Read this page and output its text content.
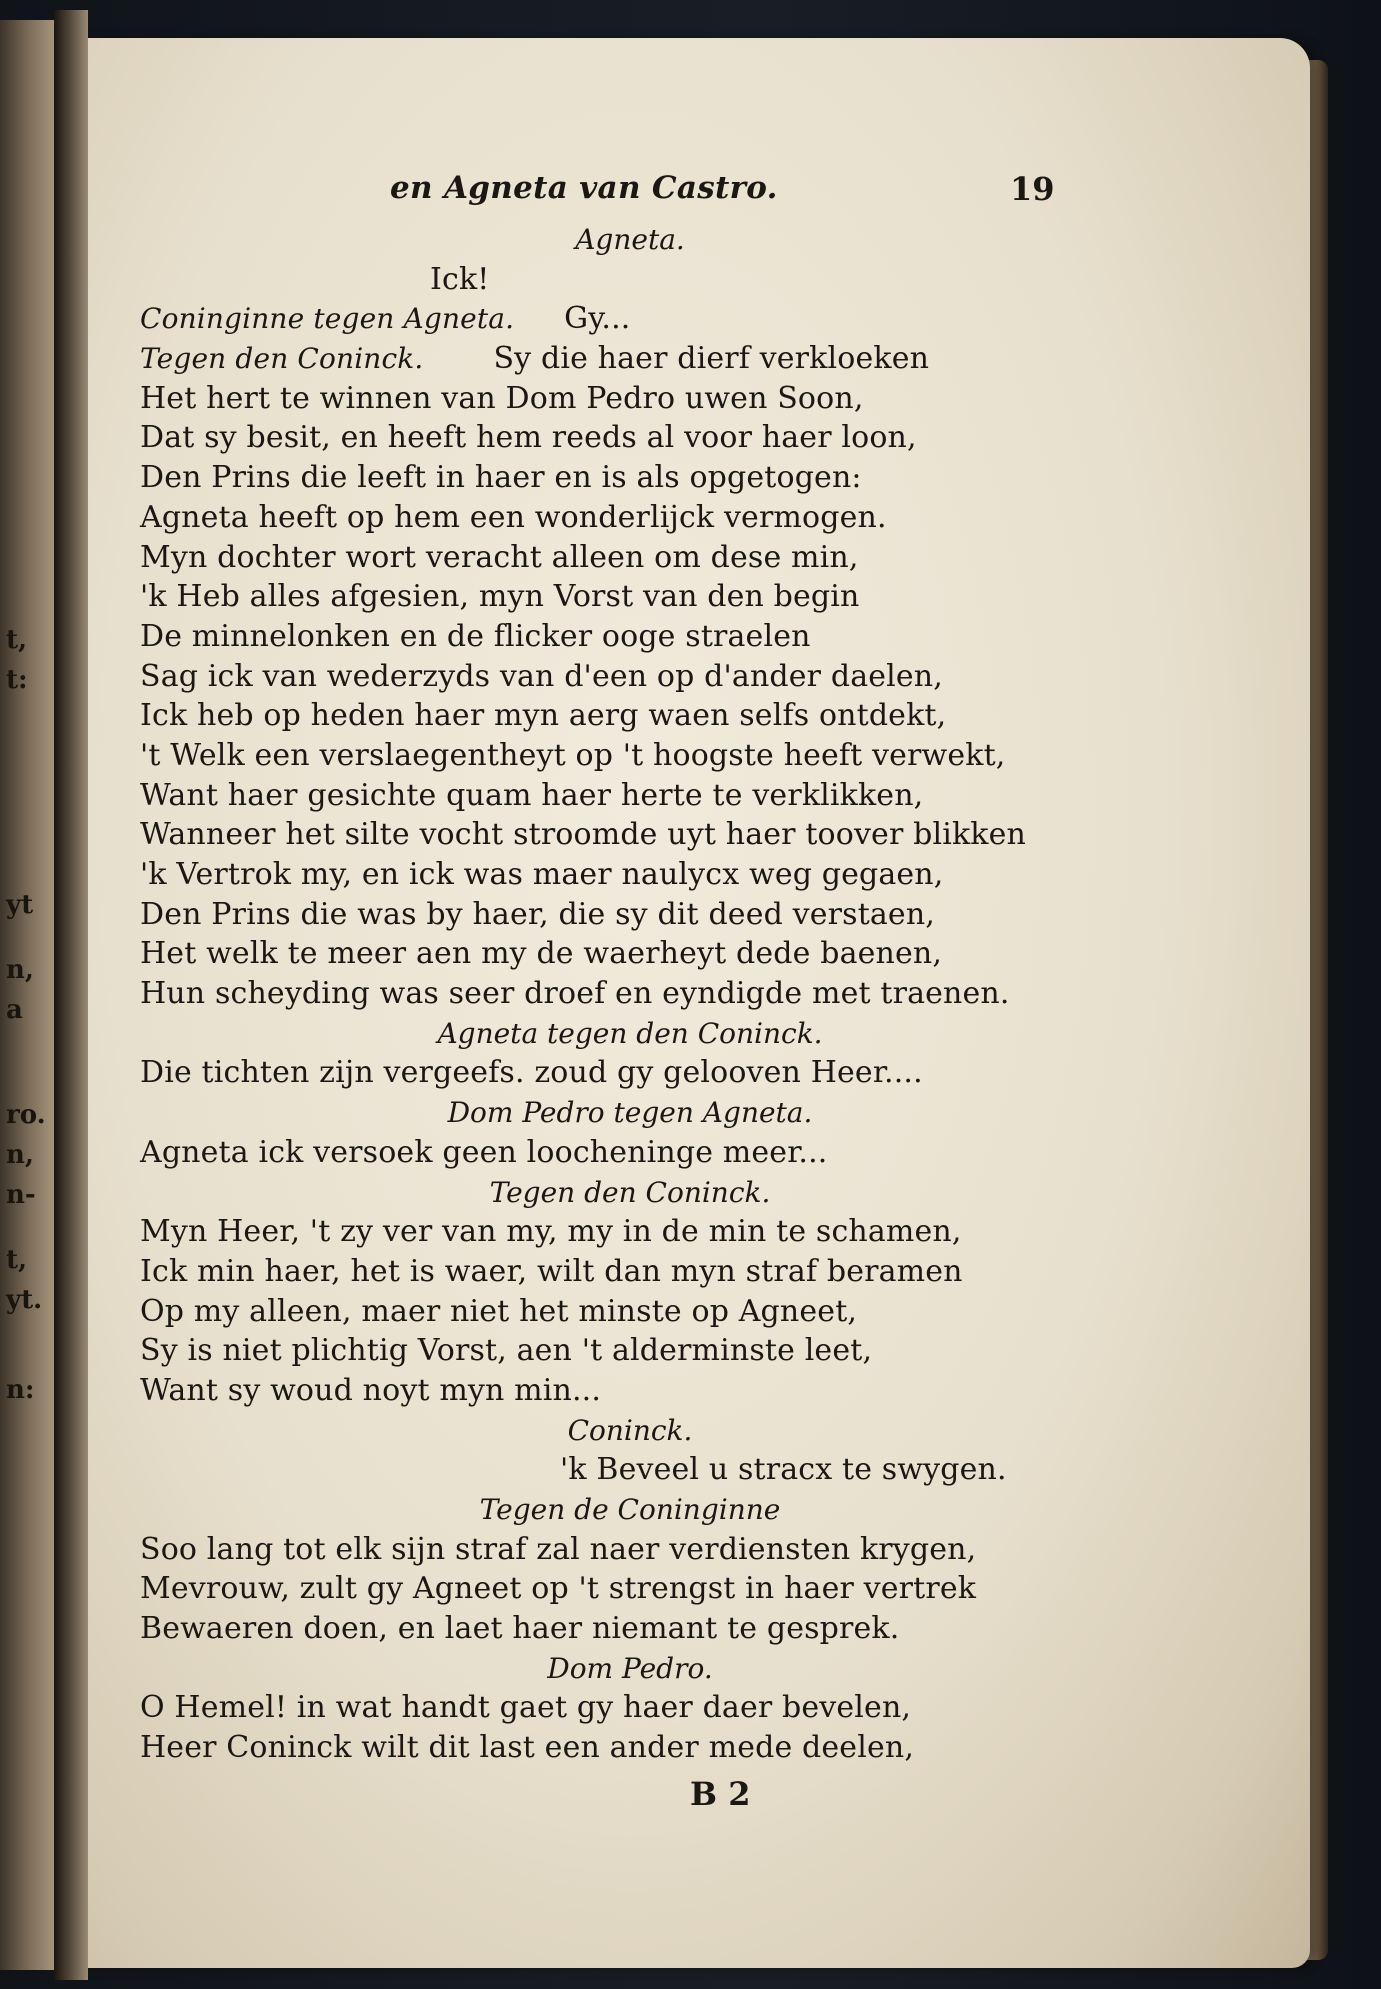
t,
t:
yt
n,
a
ro.
n,
n-
t,
yt.
n:
en Agneta van Castro.	19
Agneta.
Ick!
Coninginne tegen Agneta. Gy...
Tegen den Coninck. Sy die haer dierf verkloeken
Het hert te winnen van Dom Pedro uwen Soon,
Dat sy besit, en heeft hem reeds al voor haer loon,
Den Prins die leeft in haer en is als opgetogen:
Agneta heeft op hem een wonderlijck vermogen.
Myn dochter wort veracht alleen om dese min,
'k Heb alles afgesien, myn Vorst van den begin
De minnelonken en de flicker ooge straelen
Sag ick van wederzyds van d'een op d'ander daelen,
Ick heb op heden haer myn aerg waen selfs ontdekt,
't Welk een verslaegentheyt op 't hoogste heeft verwekt,
Want haer gesichte quam haer herte te verklikken,
Wanneer het silte vocht stroomde uyt haer toover blikken
'k Vertrok my, en ick was maer naulycx weg gegaen,
Den Prins die was by haer, die sy dit deed verstaen,
Het welk te meer aen my de waerheyt dede baenen,
Hun scheyding was seer droef en eyndigde met traenen.
Agneta tegen den Coninck.
Die tichten zijn vergeefs. zoud gy gelooven Heer....
Dom Pedro tegen Agneta.
Agneta ick versoek geen loocheninge meer...
Tegen den Coninck.
Myn Heer, 't zy ver van my, my in de min te schamen,
Ick min haer, het is waer, wilt dan myn straf beramen
Op my alleen, maer niet het minste op Agneet,
Sy is niet plichtig Vorst, aen 't alderminste leet,
Want sy woud noyt myn min...
Coninck.
'k Beveel u stracx te swygen.
Tegen de Coninginne
Soo lang tot elk sijn straf zal naer verdiensten krygen,
Mevrouw, zult gy Agneet op 't strengst in haer vertrek
Bewaeren doen, en laet haer niemant te gesprek.
Dom Pedro.
O Hemel! in wat handt gaet gy haer daer bevelen,
Heer Coninck wilt dit last een ander mede deelen,
B 2
